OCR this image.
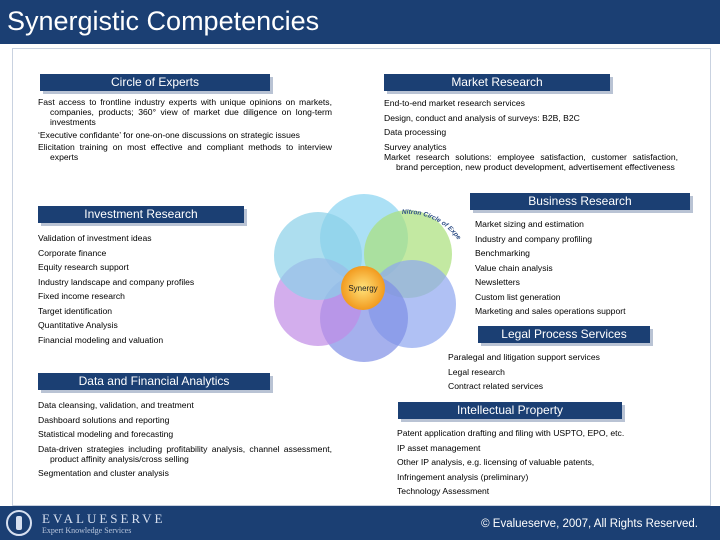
Synergistic Competencies
Circle of Experts

Fast access to frontline industry experts with unique opinions on markets, companies, products; 360° view of market due diligence on long-term investments

‘Executive confidante’ for one-on-one discussions on strategic issues

Elicitation training on most effective and compliant methods to interview experts

Market Research

End-to-end market research services

Design, conduct and analysis of surveys: B2B, B2C

Data processing

Survey analytics

Market research solutions: employee satisfaction, customer satisfaction, brand perception, new product development, advertisement effectiveness

Investment Research

Validation of investment ideas

Corporate finance

Equity research support

Industry landscape and company profiles

Fixed income research

Target identification

Quantitative Analysis

Financial modeling and valuation

Business Research

Market sizing and estimation

Industry and company profiling

Benchmarking

Value chain analysis

Newsletters

Custom list generation

Marketing and sales operations support

Legal Process Services

Paralegal and litigation support services

Legal research

Contract related services

Data and Financial Analytics

Data cleansing, validation, and treatment

Dashboard solutions and reporting

Statistical modeling and forecasting

Data-driven strategies including profitability analysis, channel assessment, product affinity analysis/cross selling

Segmentation and cluster analysis

Intellectual Property

Patent application drafting and filing with USPTO, EPO, etc.

IP asset management

Other IP analysis, e.g. licensing of valuable patents,

Infringement analysis (preliminary)

Technology Assessment

Synergy
Nitron Circle of Expe
EVALUESERVE
Expert Knowledge Services
© Evalueserve, 2007, All Rights Reserved.
